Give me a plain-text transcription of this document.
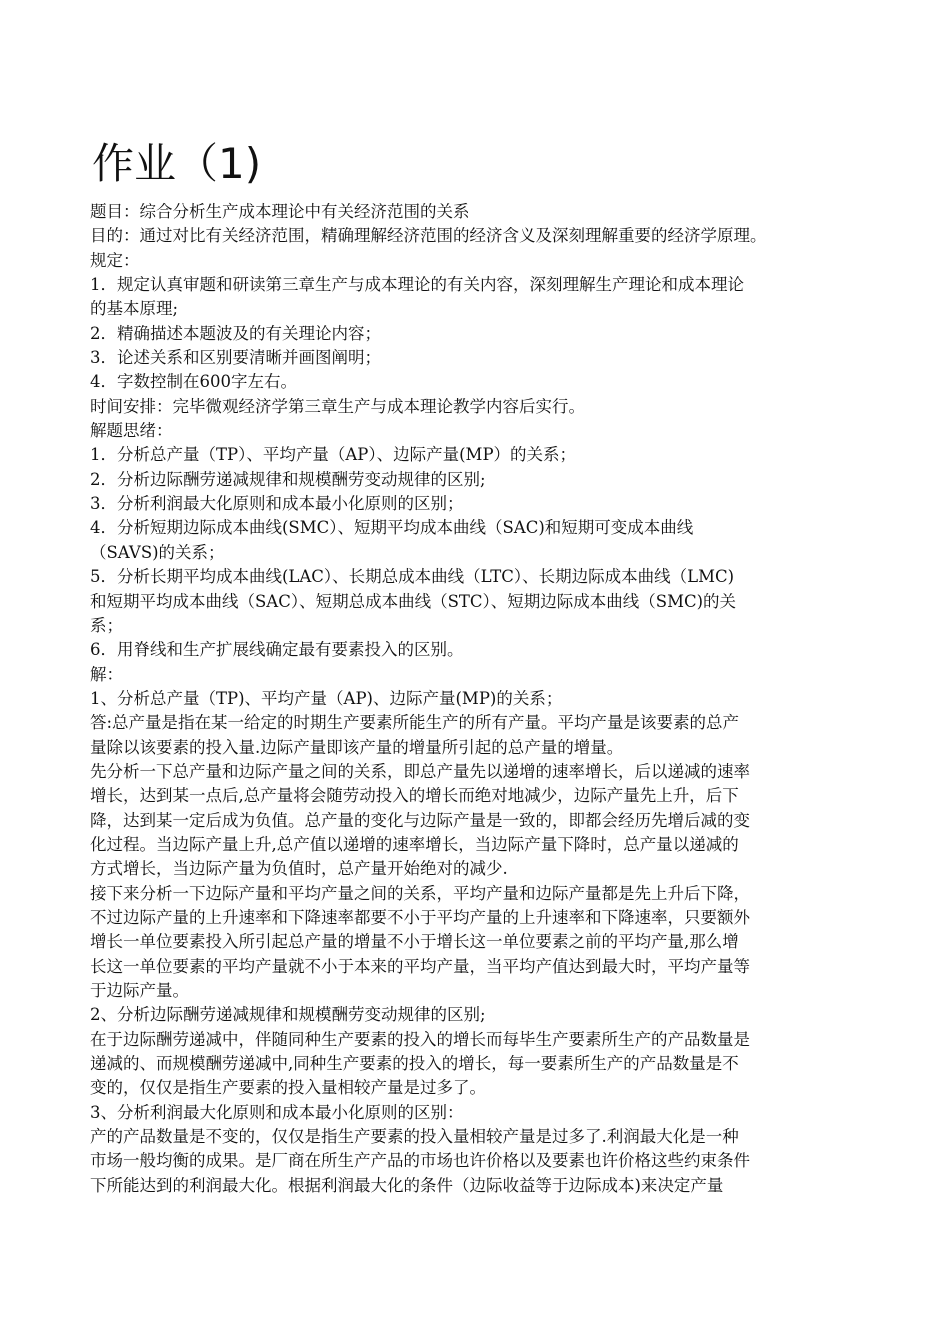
作业（1)
题目：综合分析生产成本理论中有关经济范围的关系
目的：通过对比有关经济范围，精确理解经济范围的经济含义及深刻理解重要的经济学原理。
规定：
1．规定认真审题和研读第三章生产与成本理论的有关内容，深刻理解生产理论和成本理论
的基本原理;
2．精确描述本题波及的有关理论内容；
3．论述关系和区别要清晰并画图阐明；
4．字数控制在600字左右。
时间安排：完毕微观经济学第三章生产与成本理论教学内容后实行。
解题思绪：
1．分析总产量（TP）、平均产量（AP）、边际产量(MP）的关系；
2．分析边际酬劳递减规律和规模酬劳变动规律的区别;
3．分析利润最大化原则和成本最小化原则的区别；
4．分析短期边际成本曲线(SMC）、短期平均成本曲线（SAC)和短期可变成本曲线
（SAVS)的关系；
5．分析长期平均成本曲线(LAC）、长期总成本曲线（LTC）、长期边际成本曲线（LMC)
和短期平均成本曲线（SAC）、短期总成本曲线（STC）、短期边际成本曲线（SMC)的关
系；
6．用脊线和生产扩展线确定最有要素投入的区别。
解：
1、分析总产量（TP)、平均产量（AP)、边际产量(MP)的关系；
答:总产量是指在某一给定的时期生产要素所能生产的所有产量。平均产量是该要素的总产
量除以该要素的投入量.边际产量即该产量的增量所引起的总产量的增量。
先分析一下总产量和边际产量之间的关系，即总产量先以递增的速率增长，后以递减的速率
增长，达到某一点后,总产量将会随劳动投入的增长而绝对地减少，边际产量先上升，后下
降，达到某一定后成为负值。总产量的变化与边际产量是一致的，即都会经历先增后减的变
化过程。当边际产量上升,总产值以递增的速率增长，当边际产量下降时，总产量以递减的
方式增长，当边际产量为负值时，总产量开始绝对的减少.
接下来分析一下边际产量和平均产量之间的关系，平均产量和边际产量都是先上升后下降，
不过边际产量的上升速率和下降速率都要不小于平均产量的上升速率和下降速率，只要额外
增长一单位要素投入所引起总产量的增量不小于增长这一单位要素之前的平均产量,那么增
长这一单位要素的平均产量就不小于本来的平均产量，当平均产值达到最大时，平均产量等
于边际产量。
2、分析边际酬劳递减规律和规模酬劳变动规律的区别;
在于边际酬劳递减中，伴随同种生产要素的投入的增长而每毕生产要素所生产的产品数量是
递减的、而规模酬劳递减中,同种生产要素的投入的增长，每一要素所生产的产品数量是不
变的，仅仅是指生产要素的投入量相较产量是过多了。
3、分析利润最大化原则和成本最小化原则的区别：
产的产品数量是不变的，仅仅是指生产要素的投入量相较产量是过多了.利润最大化是一种
市场一般均衡的成果。是厂商在所生产产品的市场也许价格以及要素也许价格这些约束条件
下所能达到的利润最大化。根据利润最大化的条件（边际收益等于边际成本)来决定产量
